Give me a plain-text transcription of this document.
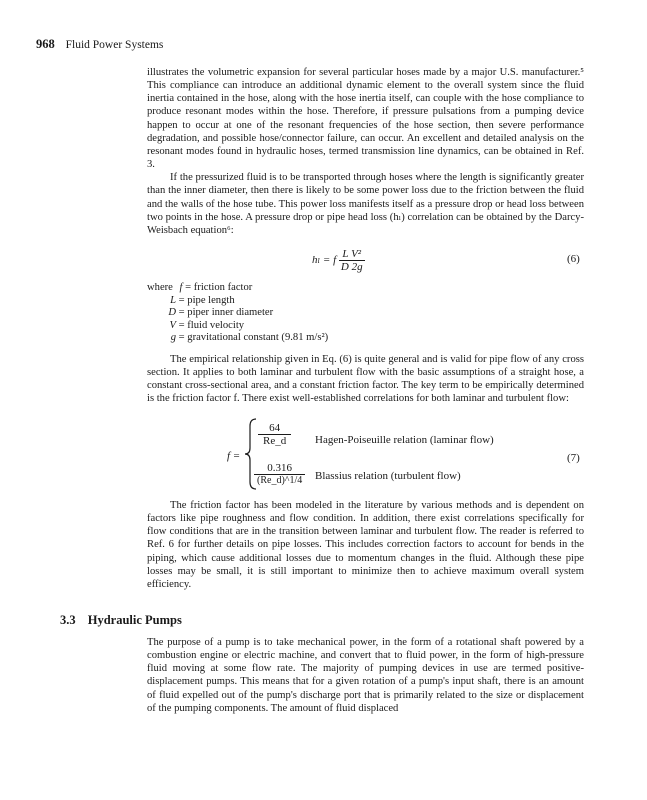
968 Fluid Power Systems

illustrates the volumetric expansion for several particular hoses made by a major U.S. manufacturer.⁵ This compliance can introduce an additional dynamic element to the overall system since the fluid inertia contained in the hose, along with the hose inertia itself, can couple with the hose compliance to produce resonant modes within the hose. Therefore, if pressure pulsations from a pumping device happen to occur at one of the resonant frequencies of the hose section, then severe performance degradation, and possible hose/connector failure, can occur. An excellent and detailed analysis on the resonant modes found in hydraulic hoses, termed transmission line dynamics, can be obtained in Ref. 3.

If the pressurized fluid is to be transported through hoses where the length is significantly greater than the inner diameter, then there is likely to be some power loss due to the friction between the fluid and the walls of the hose tube. This power loss manifests itself as a pressure drop or head loss between two points in the hose. A pressure drop or pipe head loss (hₗ) correlation can be obtained by the Darcy-Weisbach equation⁶:

hₗ = f $\frac{\text{L V²}}{D 2g}$	(6)
where f = friction factor
L = pipe length
D = piper inner diameter
V = fluid velocity
g = gravitational constant (9.81 m/s²)

The empirical relationship given in Eq. (6) is quite general and is valid for pipe flow of any cross section. It applies to both laminar and turbulent flow with the basic assumptions of a straight hose, a constant cross-sectional area, and a constant friction factor. The key term to be empirically determined is the friction factor f. There exist well-established correlations for both laminar and turbulent flow:

f =
$\frac{64}{Re\_d}$ Hagen-Poiseuille relation (laminar flow)
$\frac{0.316}{(Re\_d)\^{}1/4}$ Blassius relation (turbulent flow)
(7)

The friction factor has been modeled in the literature by various methods and is dependent on factors like pipe roughness and flow condition. In addition, there exist correlations specifically for flow conditions that are in the transition between laminar and turbulent flow. The reader is referred to Ref. 6 for further details on pipe losses. This includes correction factors to account for bends in the piping, which cause additional losses due to momentum changes in the fluid. Although these pipe losses may be small, it is still important to minimize then to achieve maximum overall system efficiency.

3.3 Hydraulic Pumps

The purpose of a pump is to take mechanical power, in the form of a rotational shaft powered by a combustion engine or electric machine, and convert that to fluid power, in the form of high-pressure fluid moving at some flow rate. The majority of pumping devices in use are termed positive-displacement pumps. This means that for a given rotation of a pump's input shaft, there is an amount of fluid expelled out of the pump's discharge port that is primarily related to the size or displacement of the pumping components. The amount of fluid displaced
